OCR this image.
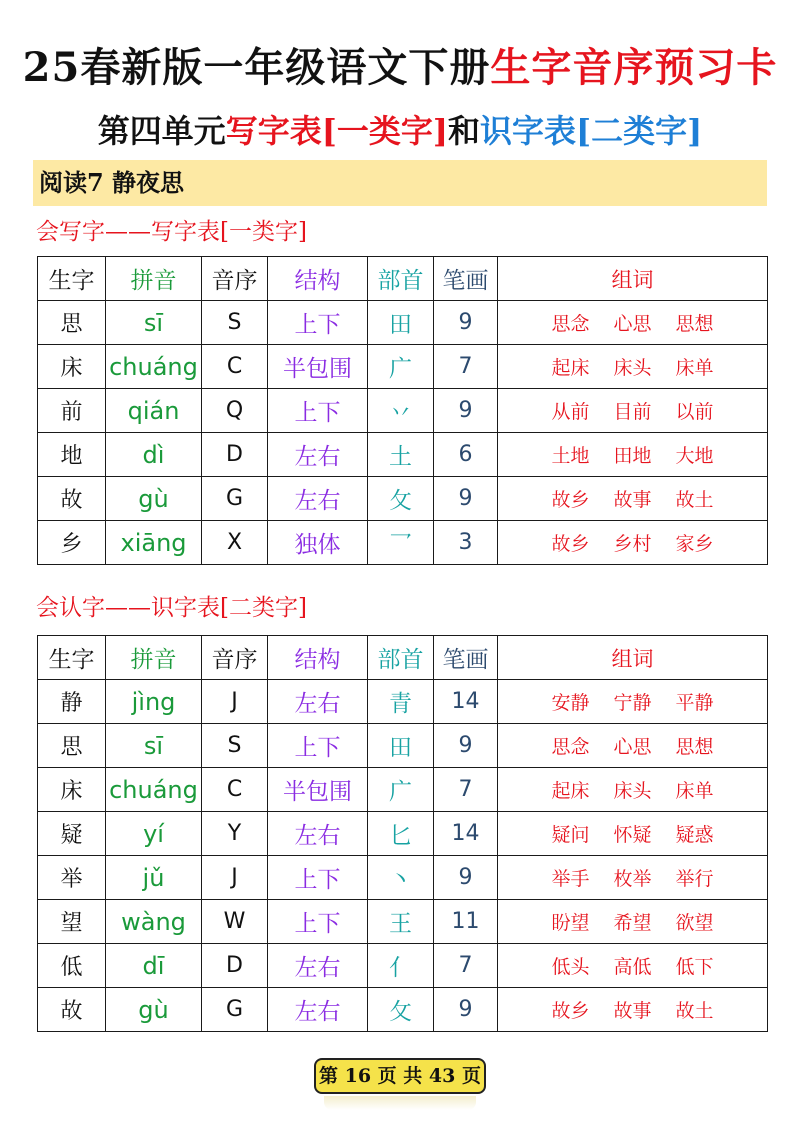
25春新版一年级语文下册生字音序预习卡
第四单元写字表[一类字]和识字表[二类字]
阅读7 静夜思
会写字——写字表[一类字]
生字	拼音	音序	结构	部首	笔画	组词
思	sī	S	上下	田	9	思念 心思 思想
床	chuáng	C	半包围	广	7	起床 床头 床单
前	qián	Q	上下	丷	9	从前 目前 以前
地	dì	D	左右	土	6	土地 田地 大地
故	gù	G	左右	攵	9	故乡 故事 故土
乡	xiāng	X	独体	乛	3	故乡 乡村 家乡
会认字——识字表[二类字]
生字	拼音	音序	结构	部首	笔画	组词
静	jìng	J	左右	青	14	安静 宁静 平静
思	sī	S	上下	田	9	思念 心思 思想
床	chuáng	C	半包围	广	7	起床 床头 床单
疑	yí	Y	左右	匕	14	疑问 怀疑 疑惑
举	jǔ	J	上下	丶	9	举手 枚举 举行
望	wàng	W	上下	王	11	盼望 希望 欲望
低	dī	D	左右	亻	7	低头 高低 低下
故	gù	G	左右	攵	9	故乡 故事 故土
第 16 页 共 43 页
